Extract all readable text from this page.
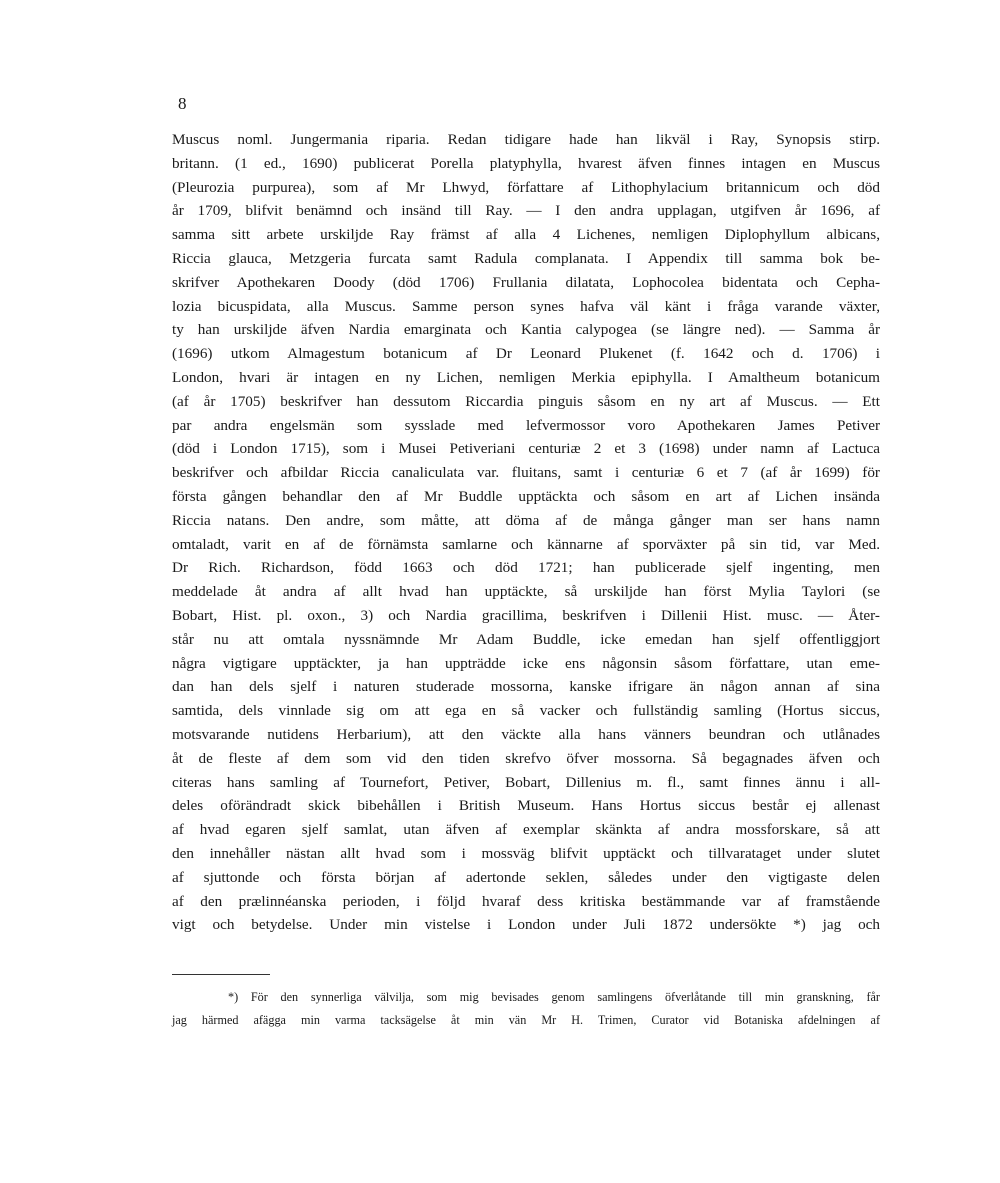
8
Muscus noml. Jungermania riparia. Redan tidigare hade han likväl i Ray, Synopsis stirp.
britann. (1 ed., 1690) publicerat Porella platyphylla, hvarest äfven finnes intagen en Muscus
(Pleurozia purpurea), som af Mr Lhwyd, författare af Lithophylacium britannicum och död
år 1709, blifvit benämnd och insänd till Ray. — I den andra upplagan, utgifven år 1696, af
samma sitt arbete urskiljde Ray främst af alla 4 Lichenes, nemligen Diplophyllum albicans,
Riccia glauca, Metzgeria furcata samt Radula complanata. I Appendix till samma bok be-
skrifver Apothekaren Doody (död 1706) Frullania dilatata, Lophocolea bidentata och Cepha-
lozia bicuspidata, alla Muscus. Samme person synes hafva väl känt i fråga varande växter,
ty han urskiljde äfven Nardia emarginata och Kantia calypogea (se längre ned). — Samma år
(1696) utkom Almagestum botanicum af Dr Leonard Plukenet (f. 1642 och d. 1706) i
London, hvari är intagen en ny Lichen, nemligen Merkia epiphylla. I Amaltheum botanicum
(af år 1705) beskrifver han dessutom Riccardia pinguis såsom en ny art af Muscus. — Ett
par andra engelsmän som sysslade med lefvermossor voro Apothekaren James Petiver
(död i London 1715), som i Musei Petiveriani centuriæ 2 et 3 (1698) under namn af Lactuca
beskrifver och afbildar Riccia canaliculata var. fluitans, samt i centuriæ 6 et 7 (af år 1699) för
första gången behandlar den af Mr Buddle upptäckta och såsom en art af Lichen insända
Riccia natans. Den andre, som måtte, att döma af de många gånger man ser hans namn
omtaladt, varit en af de förnämsta samlarne och kännarne af sporväxter på sin tid, var Med.
Dr Rich. Richardson, född 1663 och död 1721; han publicerade sjelf ingenting, men
meddelade åt andra af allt hvad han upptäckte, så urskiljde han först Mylia Taylori (se
Bobart, Hist. pl. oxon., 3) och Nardia gracillima, beskrifven i Dillenii Hist. musc. — Åter-
står nu att omtala nyssnämnde Mr Adam Buddle, icke emedan han sjelf offentliggjort
några vigtigare upptäckter, ja han uppträdde icke ens någonsin såsom författare, utan eme-
dan han dels sjelf i naturen studerade mossorna, kanske ifrigare än någon annan af sina
samtida, dels vinnlade sig om att ega en så vacker och fullständig samling (Hortus siccus,
motsvarande nutidens Herbarium), att den väckte alla hans vänners beundran och utlånades
åt de fleste af dem som vid den tiden skrefvo öfver mossorna. Så begagnades äfven och
citeras hans samling af Tournefort, Petiver, Bobart, Dillenius m. fl., samt finnes ännu i all-
deles oförändradt skick bibehållen i British Museum. Hans Hortus siccus består ej allenast
af hvad egaren sjelf samlat, utan äfven af exemplar skänkta af andra mossforskare, så att
den innehåller nästan allt hvad som i mossväg blifvit upptäckt och tillvarataget under slutet
af sjuttonde och första början af adertonde seklen, således under den vigtigaste delen
af den prælinnéanska perioden, i följd hvaraf dess kritiska bestämmande var af framstående
vigt och betydelse. Under min vistelse i London under Juli 1872 undersökte *) jag och
*) För den synnerliga välvilja, som mig bevisades genom samlingens öfverlåtande till min granskning, får
jag härmed afägga min varma tacksägelse åt min vän Mr H. Trimen, Curator vid Botaniska afdelningen af
